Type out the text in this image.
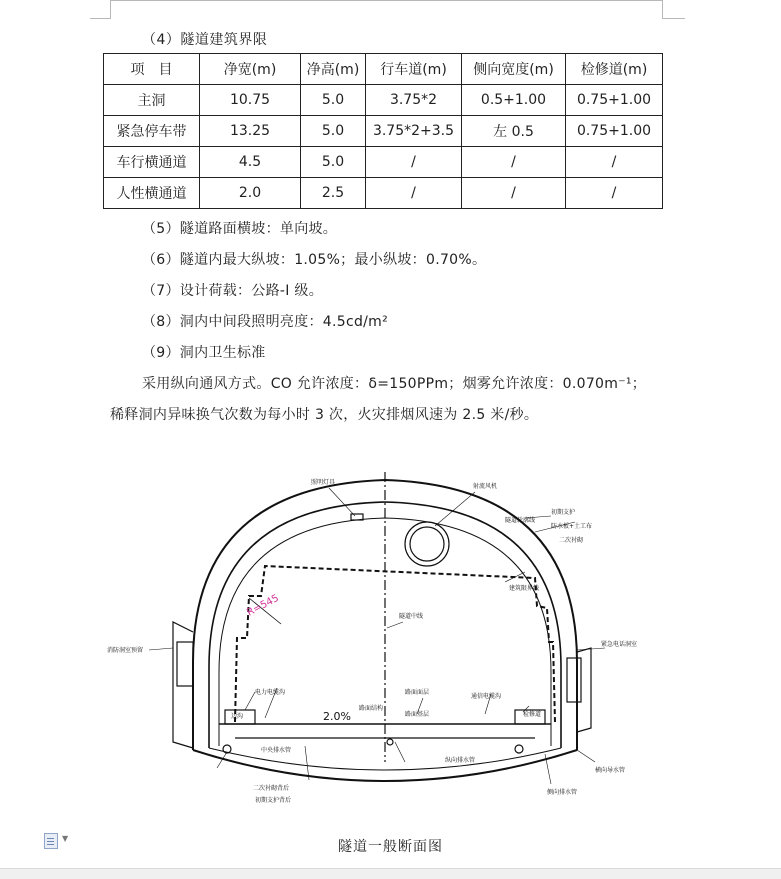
（4）隧道建筑界限
项　目	净宽(m)	净高(m)	行车道(m)	侧向宽度(m)	检修道(m)
主洞	10.75	5.0	3.75*2	0.5+1.00	0.75+1.00
紧急停车带	13.25	5.0	3.75*2+3.5	左 0.5	0.75+1.00
车行横通道	4.5	5.0	/	/	/
人性横通道	2.0	2.5	/	/	/
（5）隧道路面横坡：单向坡。
（6）隧道内最大纵坡：1.05%；最小纵坡：0.70%。
（7）设计荷载：公路-I 级。
（8）洞内中间段照明亮度：4.5cd/m²
（9）洞内卫生标准
采用纵向通风方式。CO 允许浓度：δ=150PPm；烟雾允许浓度：0.070m⁻¹；
稀释洞内异味换气次数为每小时 3 次，火灾排烟风速为 2.5 米/秒。
R=545
2.0%
照明灯具
射流风机
隧道轮廓线
初期支护
防水板+土工布
二次衬砌
建筑限界线
隧道中线
消防洞室预留
紧急电话洞室
电力电缆沟
通信电缆沟
检修道
路面结构
路面面层
路面基层
中央排水管
纵向排水管
横向导水管
边沟
侧向排水管
二次衬砌背后
初期支护背后
隧道一般断面图
▼
